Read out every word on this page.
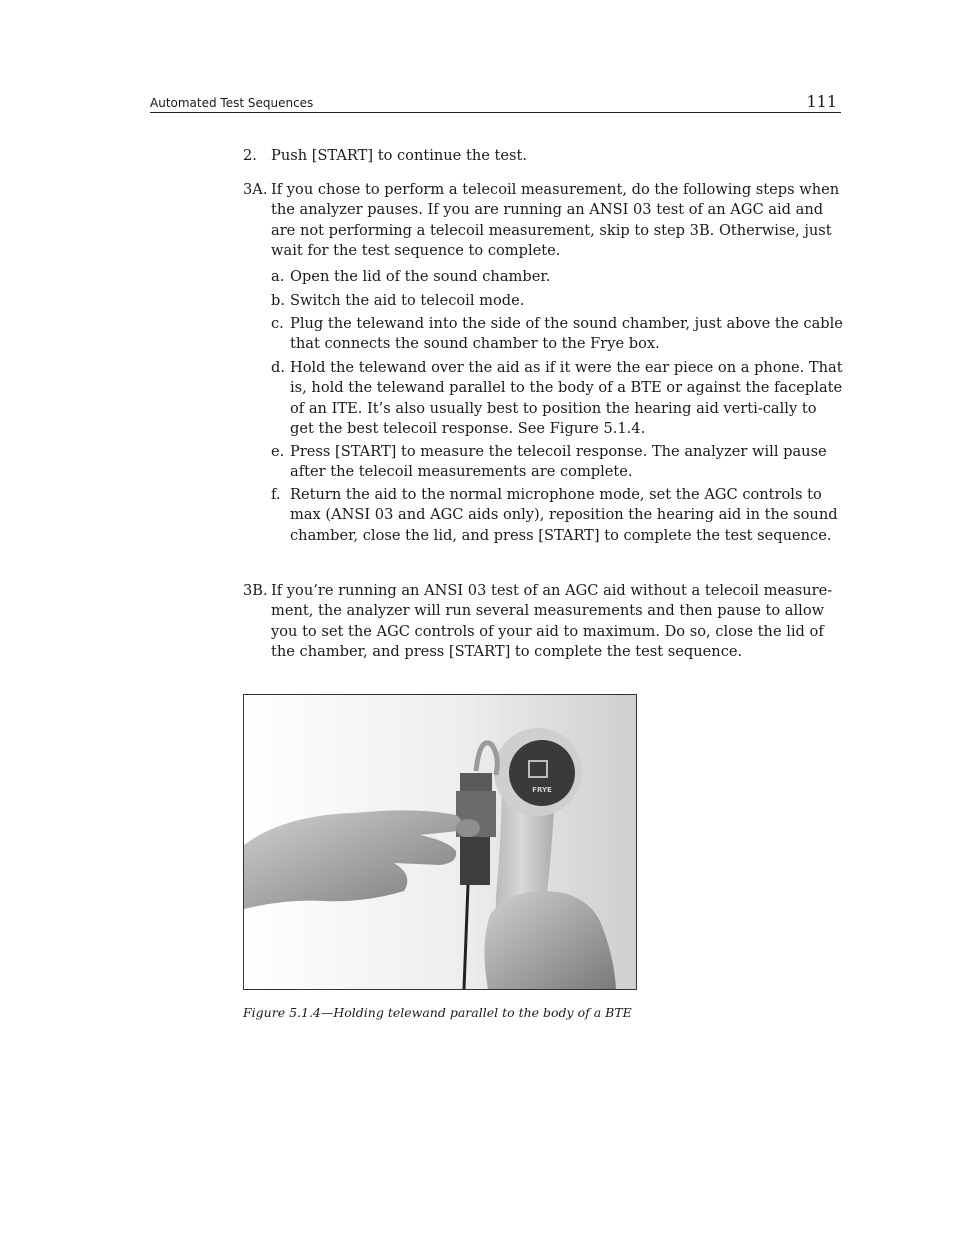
Automated Test Sequences	111
2. Push [START] to continue the test.
3A. If you chose to perform a telecoil measurement, do the following steps when the analyzer pauses. If you are running an ANSI 03 test of an AGC aid and are not performing a telecoil measurement, skip to step 3B. Otherwise, just wait for the test sequence to complete.
a. Open the lid of the sound chamber.
b. Switch the aid to telecoil mode.
c. Plug the telewand into the side of the sound chamber, just above the cable that connects the sound chamber to the Frye box.
d. Hold the telewand over the aid as if it were the ear piece on a phone. That is, hold the telewand parallel to the body of a BTE or against the faceplate of an ITE. It’s also usually best to position the hearing aid verti-cally to get the best telecoil response. See Figure 5.1.4.
e. Press [START] to measure the telecoil response. The analyzer will pause after the telecoil measurements are complete.
f. Return the aid to the normal microphone mode, set the AGC controls to max (ANSI 03 and AGC aids only), reposition the hearing aid in the sound chamber, close the lid, and press [START] to complete the test sequence.
3B. If you’re running an ANSI 03 test of an AGC aid without a telecoil measure-ment, the analyzer will run several measurements and then pause to allow you to set the AGC controls of your aid to maximum. Do so, close the lid of the chamber, and press [START] to complete the test sequence.
FRYE
Figure 5.1.4—Holding telewand parallel to the body of a BTE
